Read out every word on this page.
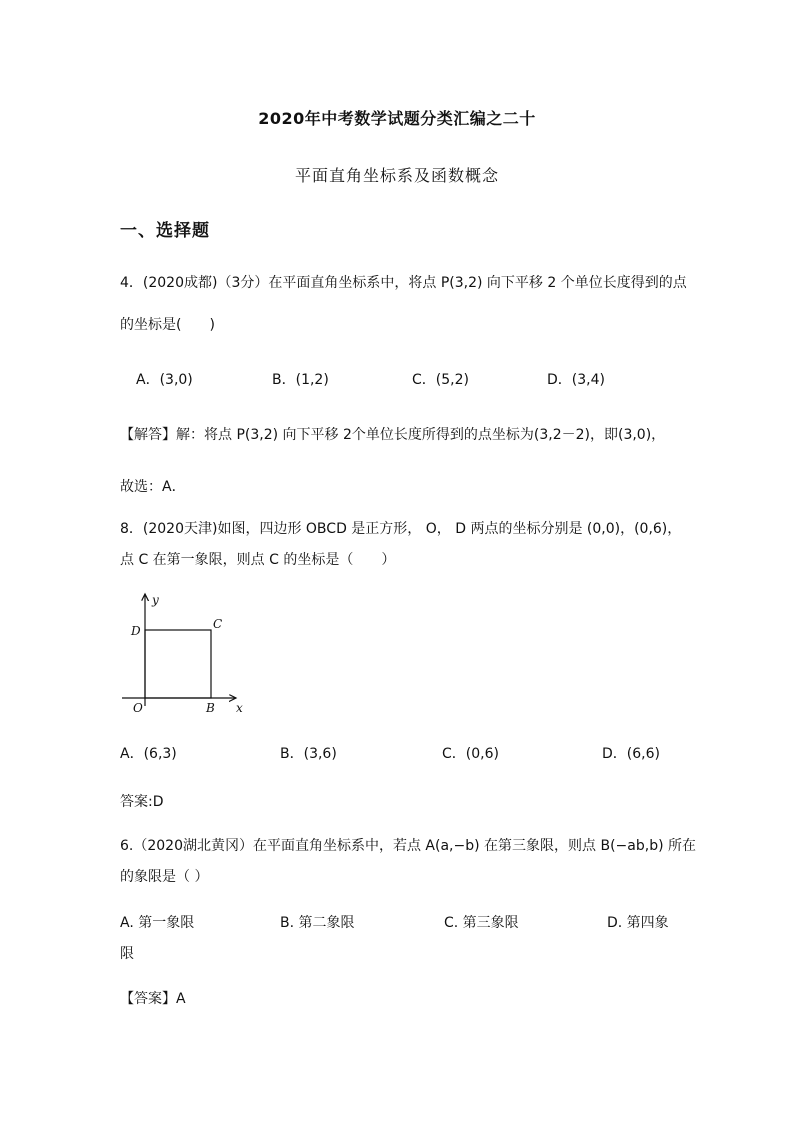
2020年中考数学试题分类汇编之二十
平面直角坐标系及函数概念
一、选择题
4．(2020成都)（3分）在平面直角坐标系中，将点 P(3,2) 向下平移 2 个单位长度得到的点
的坐标是(　　)
A．(3,0)	B．(1,2)	C．(5,2)	D．(3,4)
【解答】解：将点 P(3,2) 向下平移 2个单位长度所得到的点坐标为(3,2－2)，即(3,0)，
故选：A．
8．(2020天津)如图，四边形 OBCD 是正方形， O， D 两点的坐标分别是 (0,0)，(0,6)，
点 C 在第一象限，则点 C 的坐标是（　　）
y
x
D	C
O	B
A．(6,3)	B．(3,6)	C．(0,6)	D．(6,6)
答案:D
6.（2020湖北黄冈）在平面直角坐标系中，若点 A(a,−b) 在第三象限，则点 B(−ab,b) 所在
的象限是（ ）
A. 第一象限	B. 第二象限	C. 第三象限	D. 第四象
限
【答案】A
